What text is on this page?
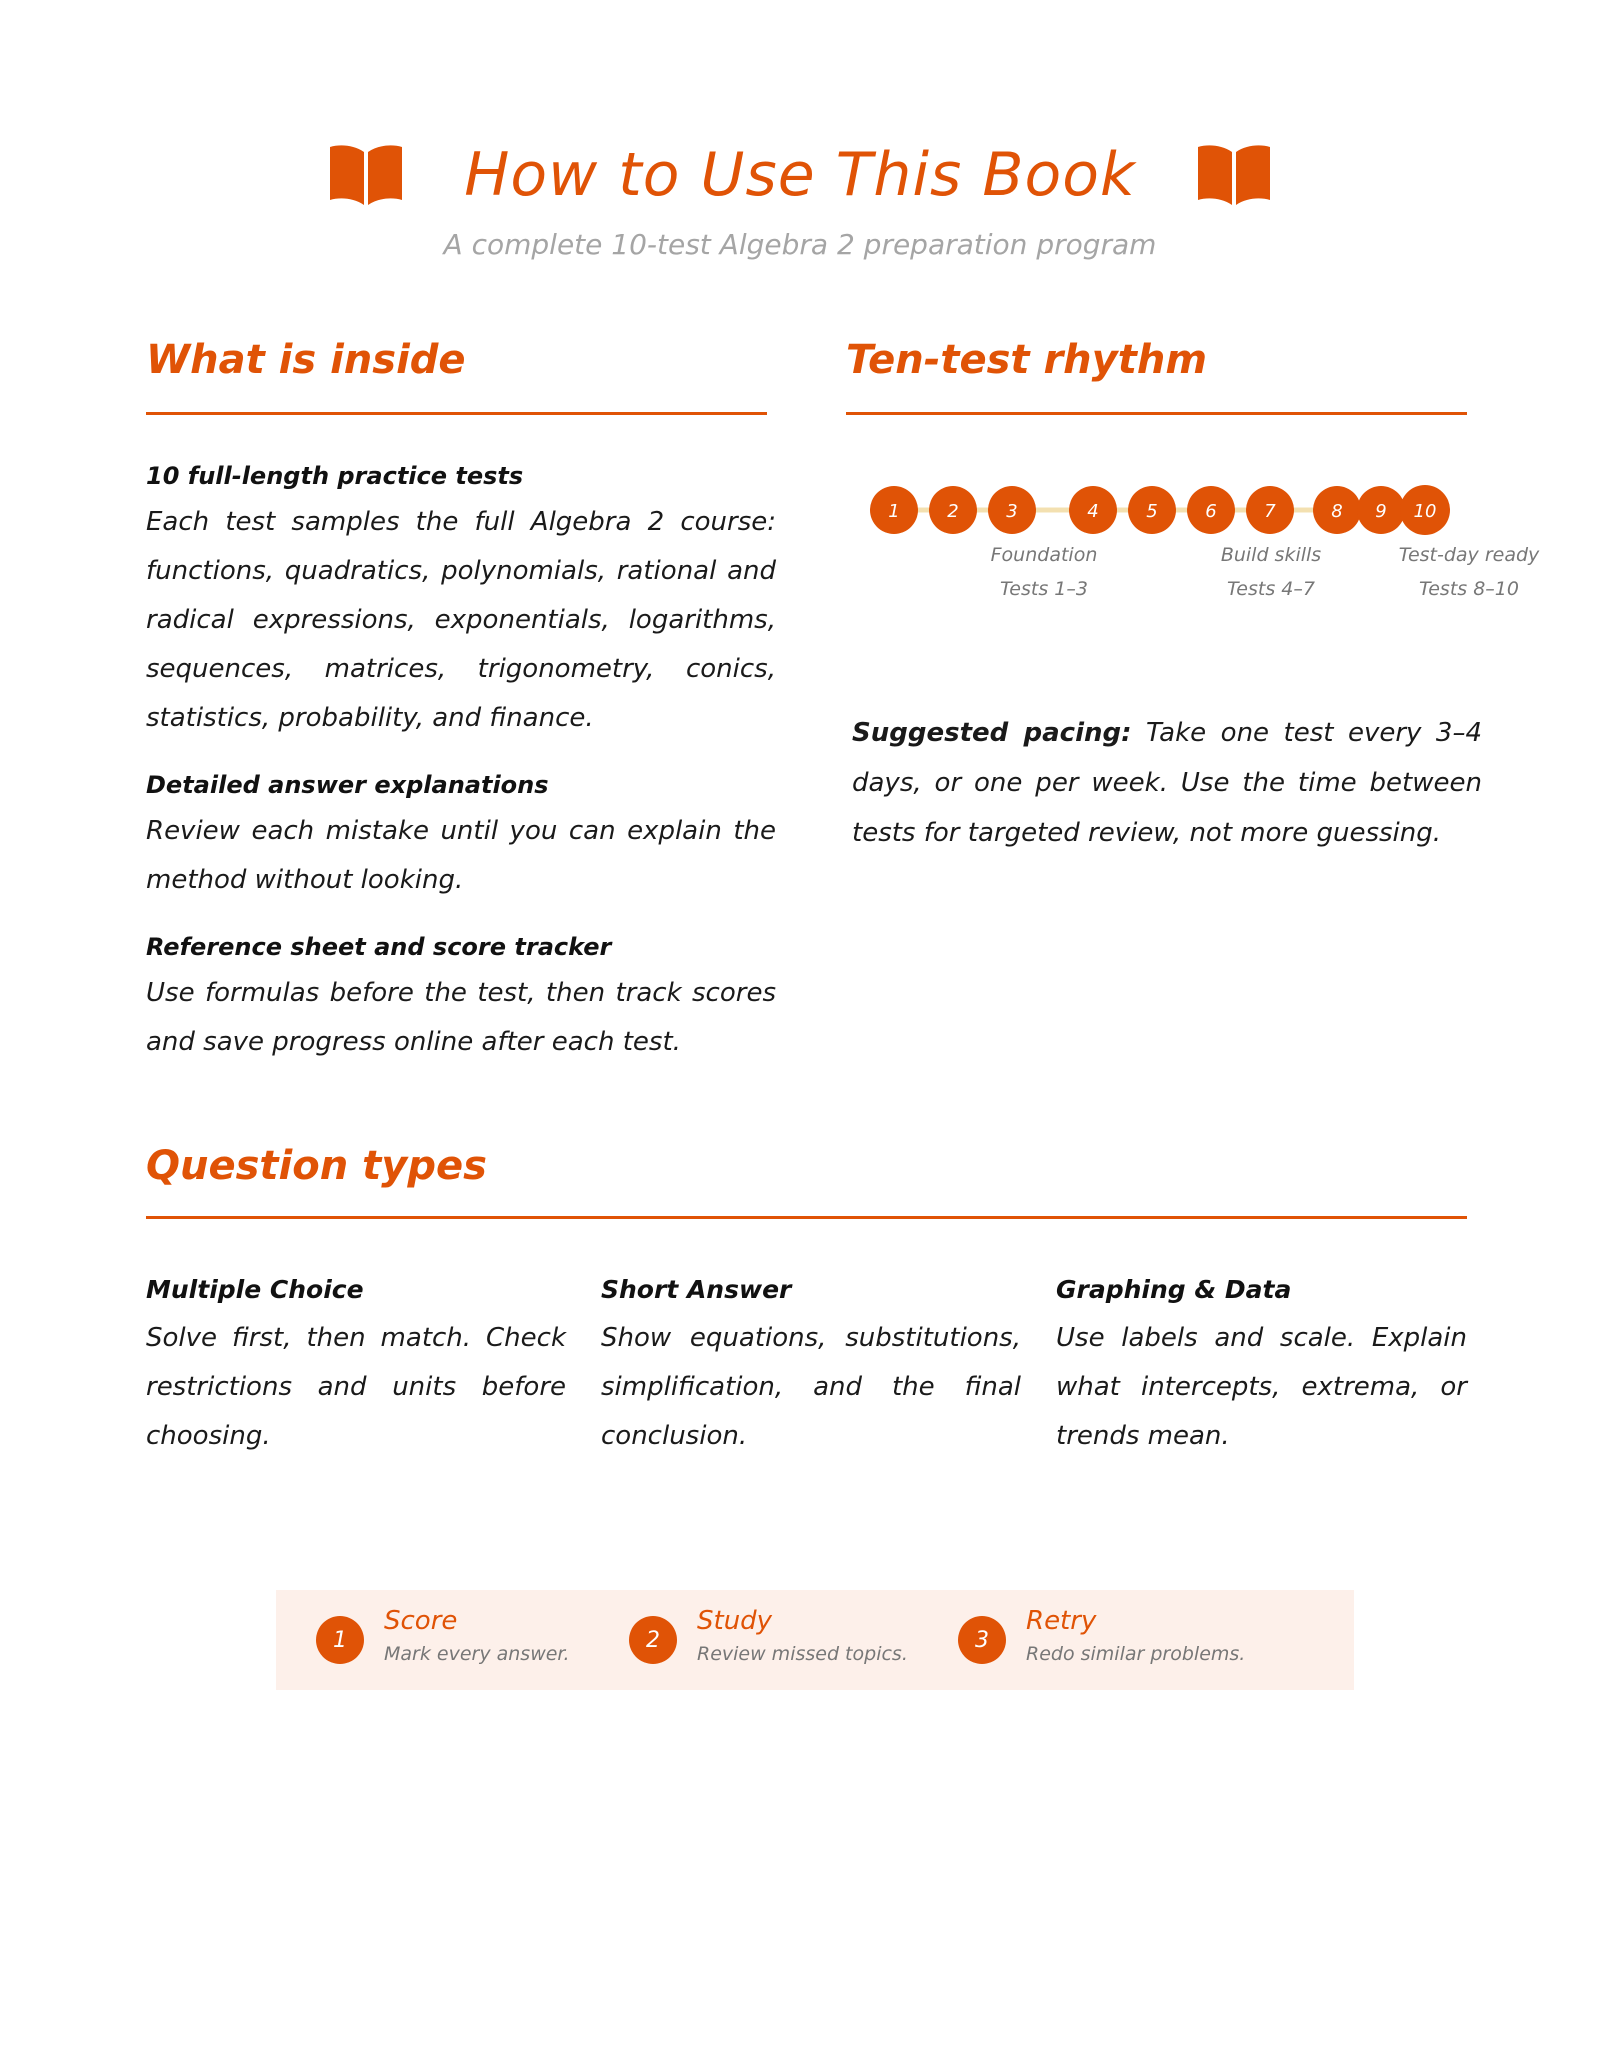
How to Use This Book
A complete 10-test Algebra 2 preparation program
What is inside

10 full-length practice tests

Each test samples the full Algebra 2 course: functions, quadratics, polynomials, rational and radical expressions, exponentials, logarithms, sequences, matrices, trigonometry, conics, statistics, probability, and finance.

Detailed answer explanations

Review each mistake until you can explain the method without looking.

Reference sheet and score tracker

Use formulas before the test, then track scores and save progress online after each test.

Ten-test rhythm
1	2	3	4	5	6	7	8 9 10
Foundation
Tests 1–3
Build skills
Tests 4–7
Test-day ready
Tests 8–10

Suggested pacing: Take one test every 3–4 days, or one per week. Use the time between tests for targeted review, not more guessing.

Question types

Multiple Choice

Solve first, then match. Check restrictions and units before choosing.

Short Answer

Show equations, substitutions, simplification, and the final conclusion.

Graphing & Data

Use labels and scale. Explain what intercepts, extrema, or trends mean.

1
Score
Mark every answer.
2
Study
Review missed topics.
3
Retry
Redo similar problems.
